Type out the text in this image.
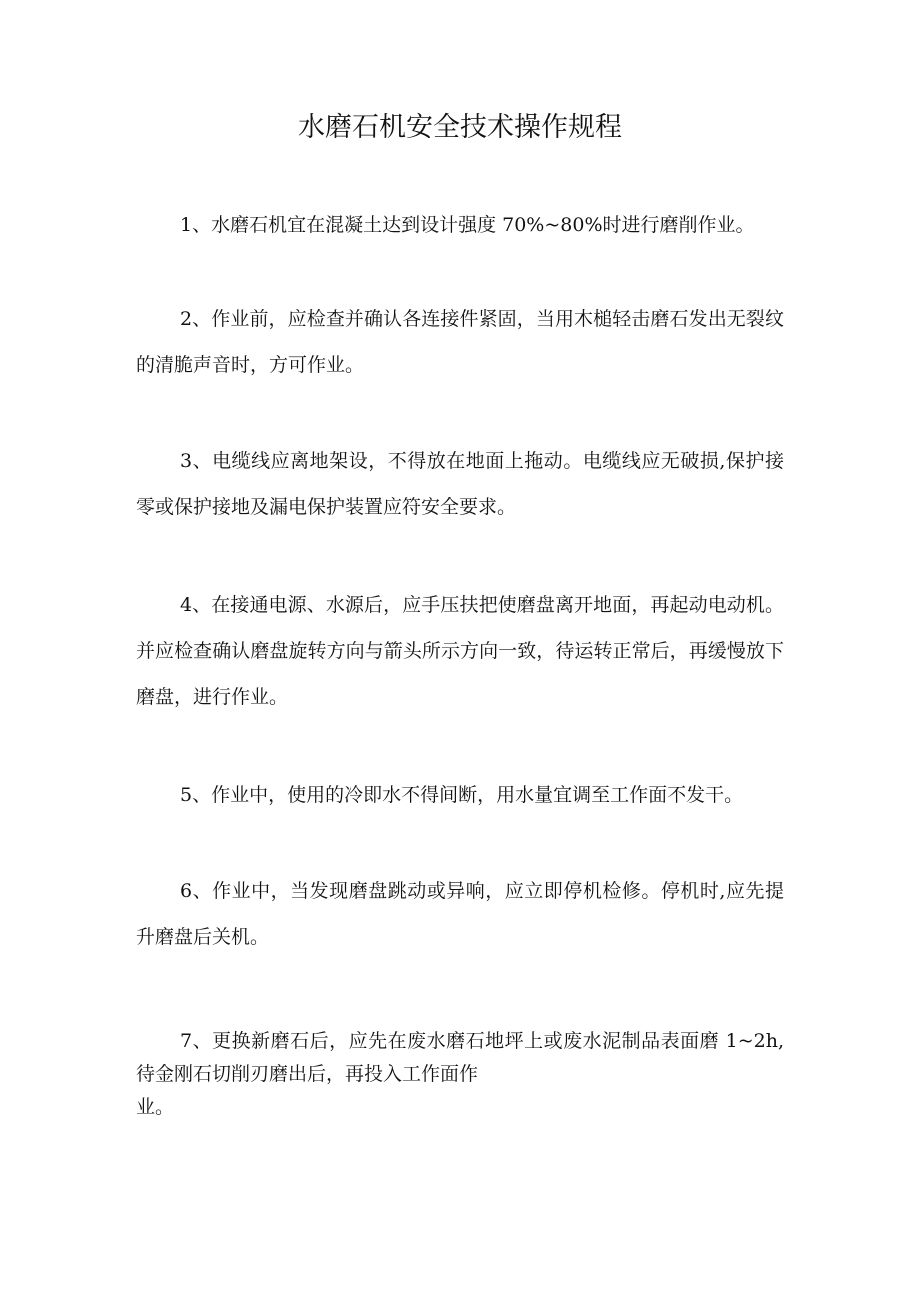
水磨石机安全技术操作规程

1、水磨石机宜在混凝土达到设计强度 70%~80%时进行磨削作业。

2、作业前，应检查并确认各连接件紧固，当用木槌轻击磨石发出无裂纹的清脆声音时，方可作业。

3、电缆线应离地架设，不得放在地面上拖动。电缆线应无破损,保护接零或保护接地及漏电保护装置应符安全要求。

4、在接通电源、水源后，应手压扶把使磨盘离开地面，再起动电动机。并应检查确认磨盘旋转方向与箭头所示方向一致，待运转正常后，再缓慢放下磨盘，进行作业。

5、作业中，使用的冷即水不得间断，用水量宜调至工作面不发干。

6、作业中，当发现磨盘跳动或异响，应立即停机检修。停机时,应先提升磨盘后关机。

7、更换新磨石后，应先在废水磨石地坪上或废水泥制品表面磨 1~2h,待金刚石切削刃磨出后，再投入工作面作

业。
